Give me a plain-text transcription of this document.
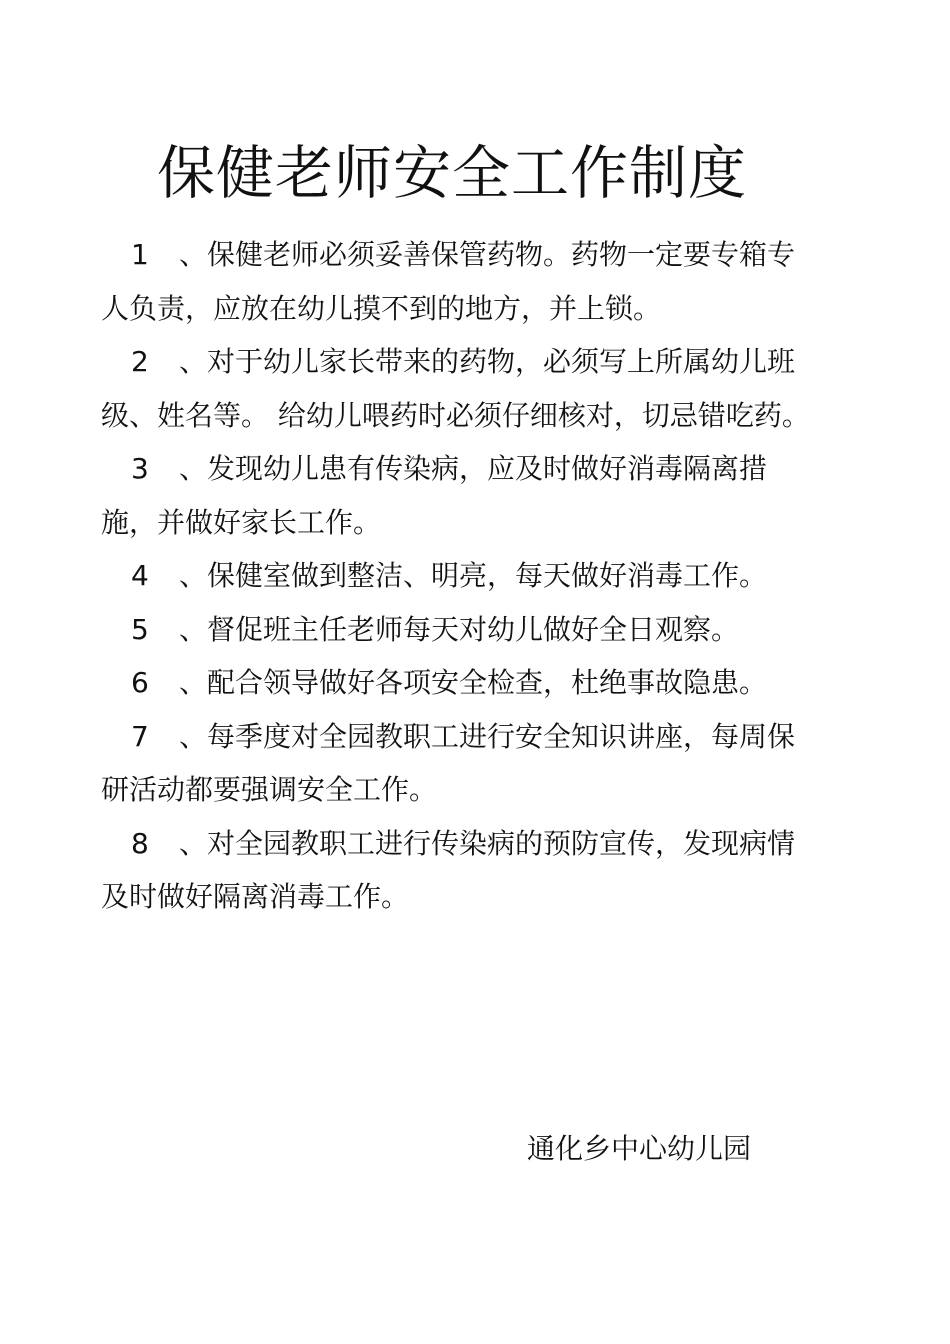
保健老师安全工作制度

1 、保健老师必须妥善保管药物。药物一定要专箱专人负责，应放在幼儿摸不到的地方，并上锁。

2 、对于幼儿家长带来的药物，必须写上所属幼儿班级、姓名等。 给幼儿喂药时必须仔细核对，切忌错吃药。

3 、发现幼儿患有传染病，应及时做好消毒隔离措施，并做好家长工作。

4 、保健室做到整洁、明亮，每天做好消毒工作。

5 、督促班主任老师每天对幼儿做好全日观察。

6 、配合领导做好各项安全检查，杜绝事故隐患。

7 、每季度对全园教职工进行安全知识讲座，每周保研活动都要强调安全工作。

8 、对全园教职工进行传染病的预防宣传，发现病情及时做好隔离消毒工作。

通化乡中心幼儿园
